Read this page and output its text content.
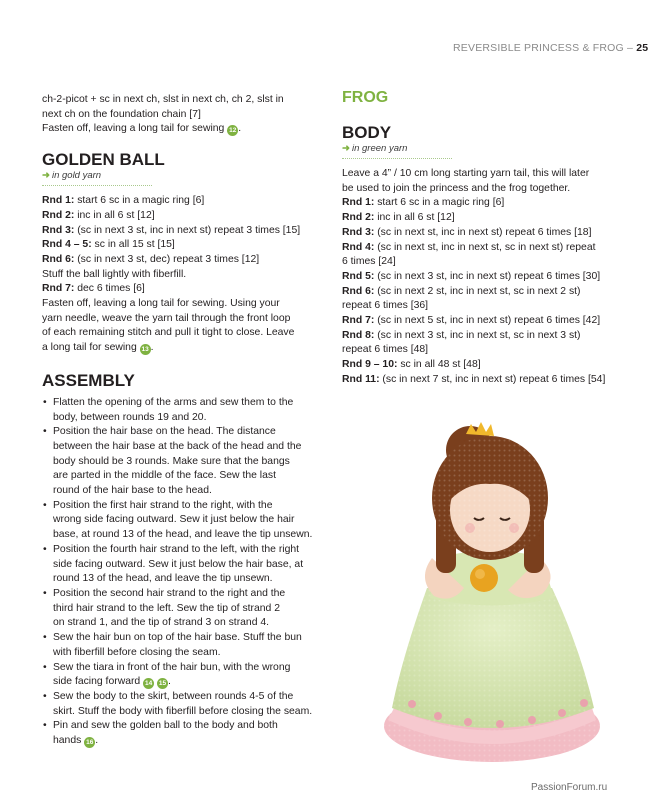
REVERSIBLE PRINCESS & FROG – 25

ch-2-picot + sc in next ch, slst in next ch, ch 2, slst in

next ch on the foundation chain [7]

Fasten off, leaving a long tail for sewing 12 .

GOLDEN BALL
➜ in gold yarn

Rnd 1: start 6 sc in a magic ring [6]

Rnd 2: inc in all 6 st [12]

Rnd 3: (sc in next 3 st, inc in next st) repeat 3 times [15]

Rnd 4 – 5: sc in all 15 st [15]

Rnd 6: (sc in next 3 st, dec) repeat 3 times [12]

Stuff the ball lightly with fiberfill.

Rnd 7: dec 6 times [6]

Fasten off, leaving a long tail for sewing. Using your

yarn needle, weave the yarn tail through the front loop

of each remaining stitch and pull it tight to close. Leave

a long tail for sewing 13 .

ASSEMBLY
• Flatten the opening of the arms and sew them to the
body, between rounds 19 and 20.
• Position the hair base on the head. The distance
between the hair base at the back of the head and the
body should be 3 rounds. Make sure that the bangs
are parted in the middle of the face. Sew the last
round of the hair base to the head.
• Position the first hair strand to the right, with the
wrong side facing outward. Sew it just below the hair
base, at round 13 of the head, and leave the tip unsewn.
• Position the fourth hair strand to the left, with the right
side facing outward. Sew it just below the hair base, at
round 13 of the head, and leave the tip unsewn.
• Position the second hair strand to the right and the
third hair strand to the left. Sew the tip of strand 2
on strand 1, and the tip of strand 3 on strand 4.
• Sew the hair bun on top of the hair base. Stuff the bun
with fiberfill before closing the seam.
• Sew the tiara in front of the hair bun, with the wrong
side facing forward 14 15 .
• Sew the body to the skirt, between rounds 4-5 of the
skirt. Stuff the body with fiberfill before closing the seam.
• Pin and sew the golden ball to the body and both
hands 16 .
FROG
BODY
➜ in green yarn

Leave a 4” / 10 cm long starting yarn tail, this will later

be used to join the princess and the frog together.

Rnd 1: start 6 sc in a magic ring [6]

Rnd 2: inc in all 6 st [12]

Rnd 3: (sc in next st, inc in next st) repeat 6 times [18]

Rnd 4: (sc in next st, inc in next st, sc in next st) repeat

6 times [24]

Rnd 5: (sc in next 3 st, inc in next st) repeat 6 times [30]

Rnd 6: (sc in next 2 st, inc in next st, sc in next 2 st)

repeat 6 times [36]

Rnd 7: (sc in next 5 st, inc in next st) repeat 6 times [42]

Rnd 8: (sc in next 3 st, inc in next st, sc in next 3 st)

repeat 6 times [48]

Rnd 9 – 10: sc in all 48 st [48]

Rnd 11: (sc in next 7 st, inc in next st) repeat 6 times [54]

PassionForum.ru
